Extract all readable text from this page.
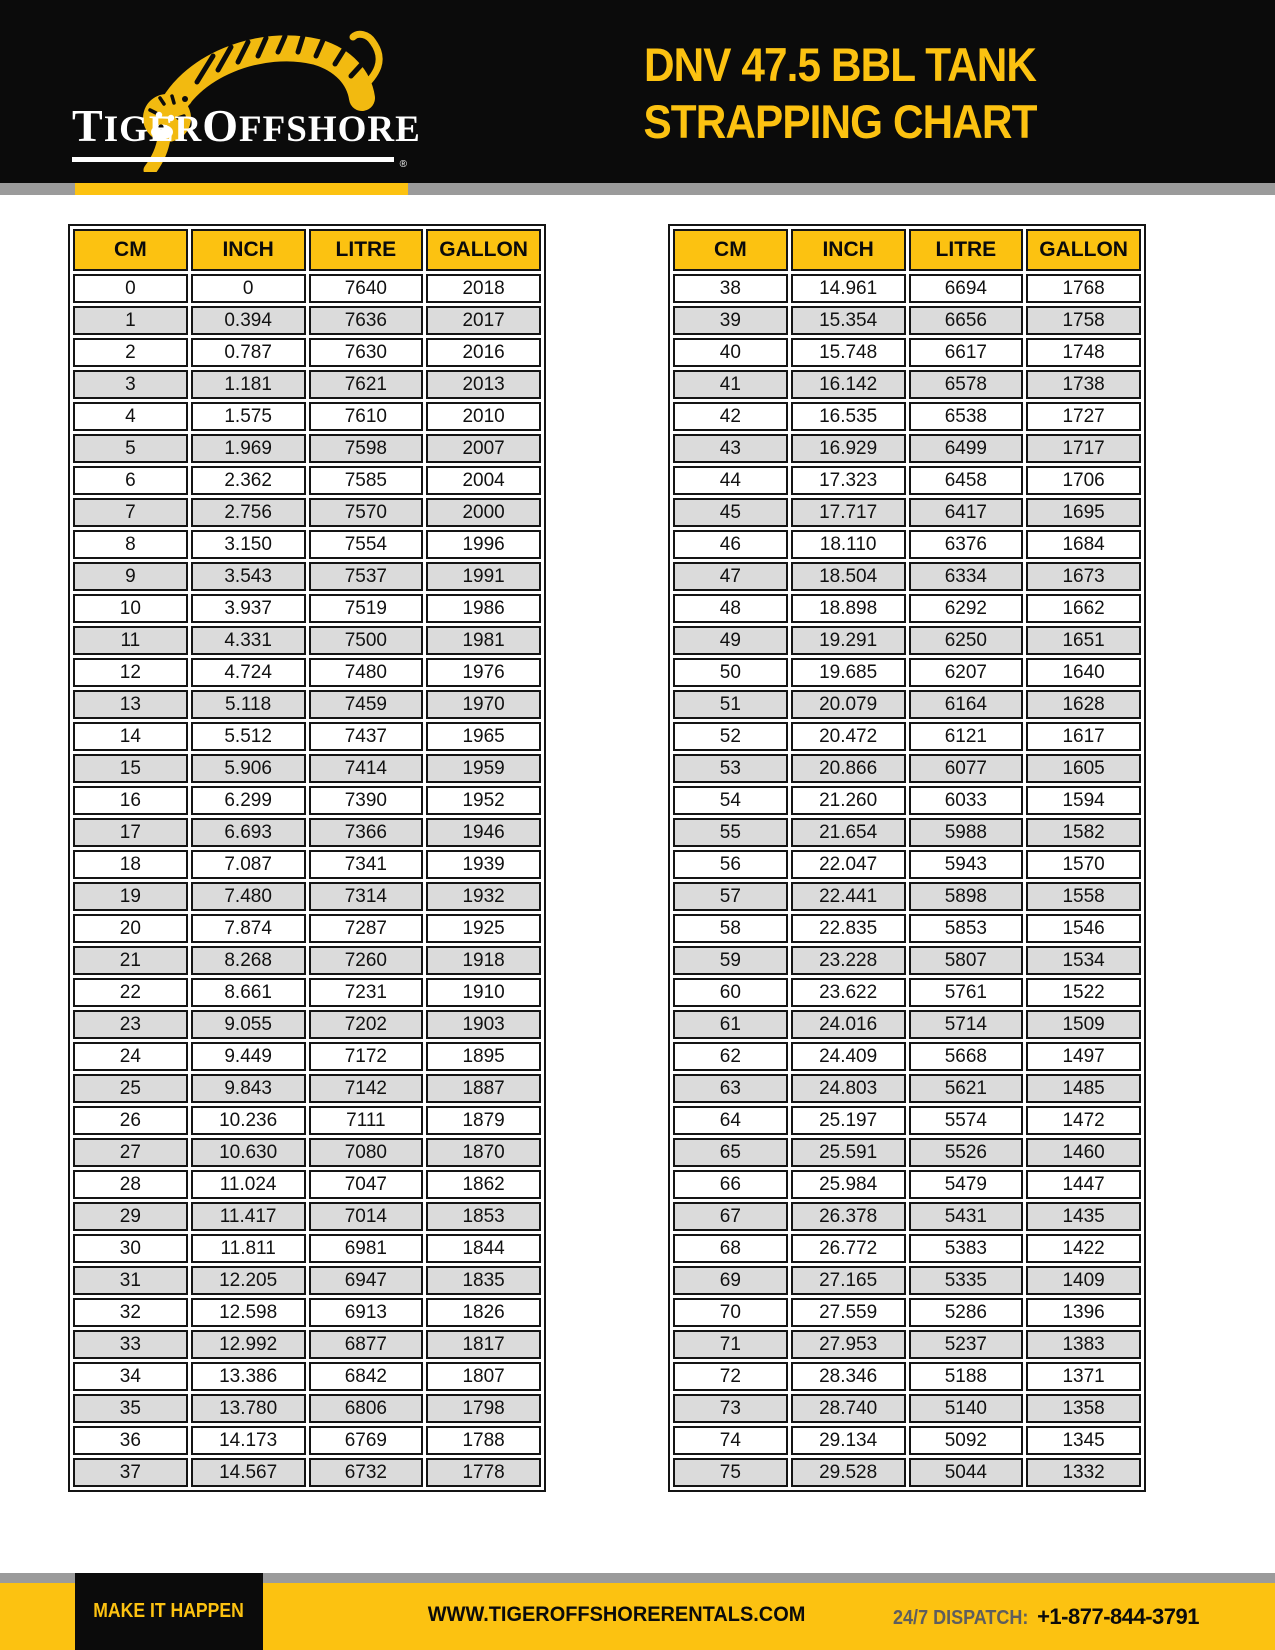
TIGER OFFSHORE
®
DNV 47.5 BBL TANK
STRAPPING CHART
CM	INCH	LITRE	GALLON
0	0	7640	2018
1	0.394	7636	2017
2	0.787	7630	2016
3	1.181	7621	2013
4	1.575	7610	2010
5	1.969	7598	2007
6	2.362	7585	2004
7	2.756	7570	2000
8	3.150	7554	1996
9	3.543	7537	1991
10	3.937	7519	1986
11	4.331	7500	1981
12	4.724	7480	1976
13	5.118	7459	1970
14	5.512	7437	1965
15	5.906	7414	1959
16	6.299	7390	1952
17	6.693	7366	1946
18	7.087	7341	1939
19	7.480	7314	1932
20	7.874	7287	1925
21	8.268	7260	1918
22	8.661	7231	1910
23	9.055	7202	1903
24	9.449	7172	1895
25	9.843	7142	1887
26	10.236	7111	1879
27	10.630	7080	1870
28	11.024	7047	1862
29	11.417	7014	1853
30	11.811	6981	1844
31	12.205	6947	1835
32	12.598	6913	1826
33	12.992	6877	1817
34	13.386	6842	1807
35	13.780	6806	1798
36	14.173	6769	1788
37	14.567	6732	1778
CM	INCH	LITRE	GALLON
38	14.961	6694	1768
39	15.354	6656	1758
40	15.748	6617	1748
41	16.142	6578	1738
42	16.535	6538	1727
43	16.929	6499	1717
44	17.323	6458	1706
45	17.717	6417	1695
46	18.110	6376	1684
47	18.504	6334	1673
48	18.898	6292	1662
49	19.291	6250	1651
50	19.685	6207	1640
51	20.079	6164	1628
52	20.472	6121	1617
53	20.866	6077	1605
54	21.260	6033	1594
55	21.654	5988	1582
56	22.047	5943	1570
57	22.441	5898	1558
58	22.835	5853	1546
59	23.228	5807	1534
60	23.622	5761	1522
61	24.016	5714	1509
62	24.409	5668	1497
63	24.803	5621	1485
64	25.197	5574	1472
65	25.591	5526	1460
66	25.984	5479	1447
67	26.378	5431	1435
68	26.772	5383	1422
69	27.165	5335	1409
70	27.559	5286	1396
71	27.953	5237	1383
72	28.346	5188	1371
73	28.740	5140	1358
74	29.134	5092	1345
75	29.528	5044	1332
WWW.TIGEROFFSHORERENTALS.COM	24/7 DISPATCH: +1-877-844-3791
MAKE IT HAPPEN
